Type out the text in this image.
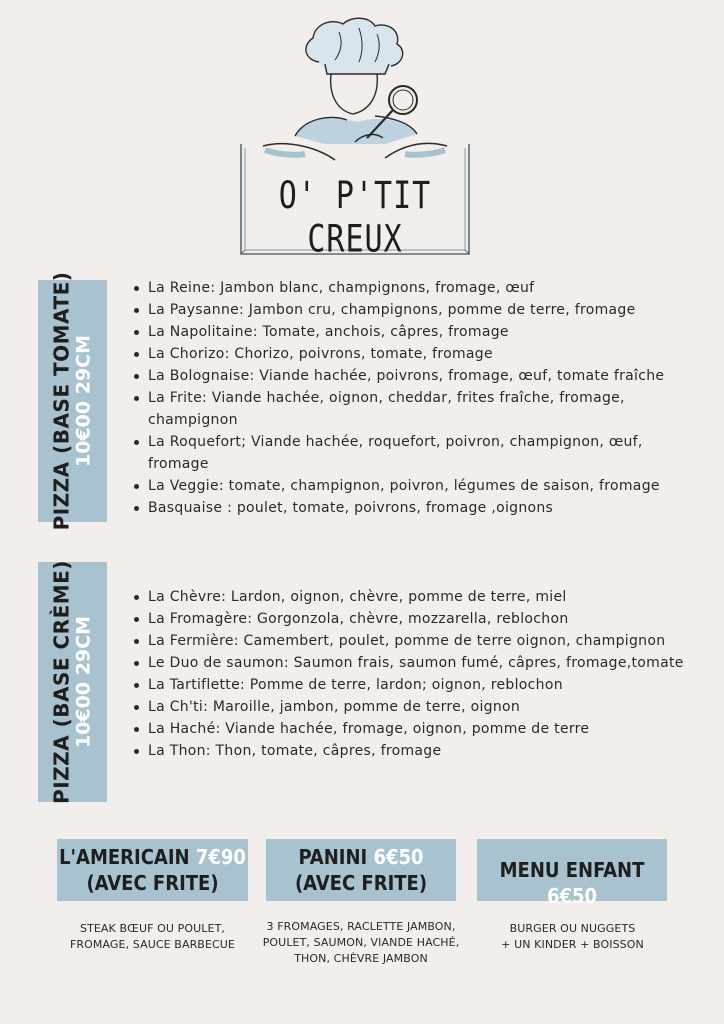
O' P'TIT CREUX
PIZZA (BASE TOMATE) 10€00 29CM
La Reine: Jambon blanc, champignons, fromage, œuf
La Paysanne: Jambon cru, champignons, pomme de terre, fromage
La Napolitaine: Tomate, anchois, câpres, fromage
La Chorizo: Chorizo, poivrons, tomate, fromage
La Bolognaise: Viande hachée, poivrons, fromage, œuf, tomate fraîche
La Frite: Viande hachée, oignon, cheddar, frites fraîche, fromage, champignon
La Roquefort; Viande hachée, roquefort, poivron, champignon, œuf, fromage
La Veggie: tomate, champignon, poivron, légumes de saison, fromage
Basquaise : poulet, tomate, poivrons, fromage ,oignons
PIZZA (BASE CRÈME) 10€00 29CM
La Chèvre: Lardon, oignon, chèvre, pomme de terre, miel
La Fromagère: Gorgonzola, chèvre, mozzarella, reblochon
La Fermière: Camembert, poulet, pomme de terre oignon, champignon
Le Duo de saumon: Saumon frais, saumon fumé, câpres, fromage,tomate
La Tartiflette: Pomme de terre, lardon; oignon, reblochon
La Ch'ti: Maroille, jambon, pomme de terre, oignon
La Haché: Viande hachée, fromage, oignon, pomme de terre
La Thon: Thon, tomate, câpres, fromage
L'AMERICAIN 7€90
(AVEC FRITE)
PANINI 6€50
(AVEC FRITE)
MENU ENFANT 6€50
STEAK BŒUF OU POULET,
FROMAGE, SAUCE BARBECUE
3 FROMAGES, RACLETTE JAMBON,
POULET, SAUMON, VIANDE HACHÉ,
THON, CHÈVRE JAMBON
BURGER OU NUGGETS
+ UN KINDER + BOISSON
